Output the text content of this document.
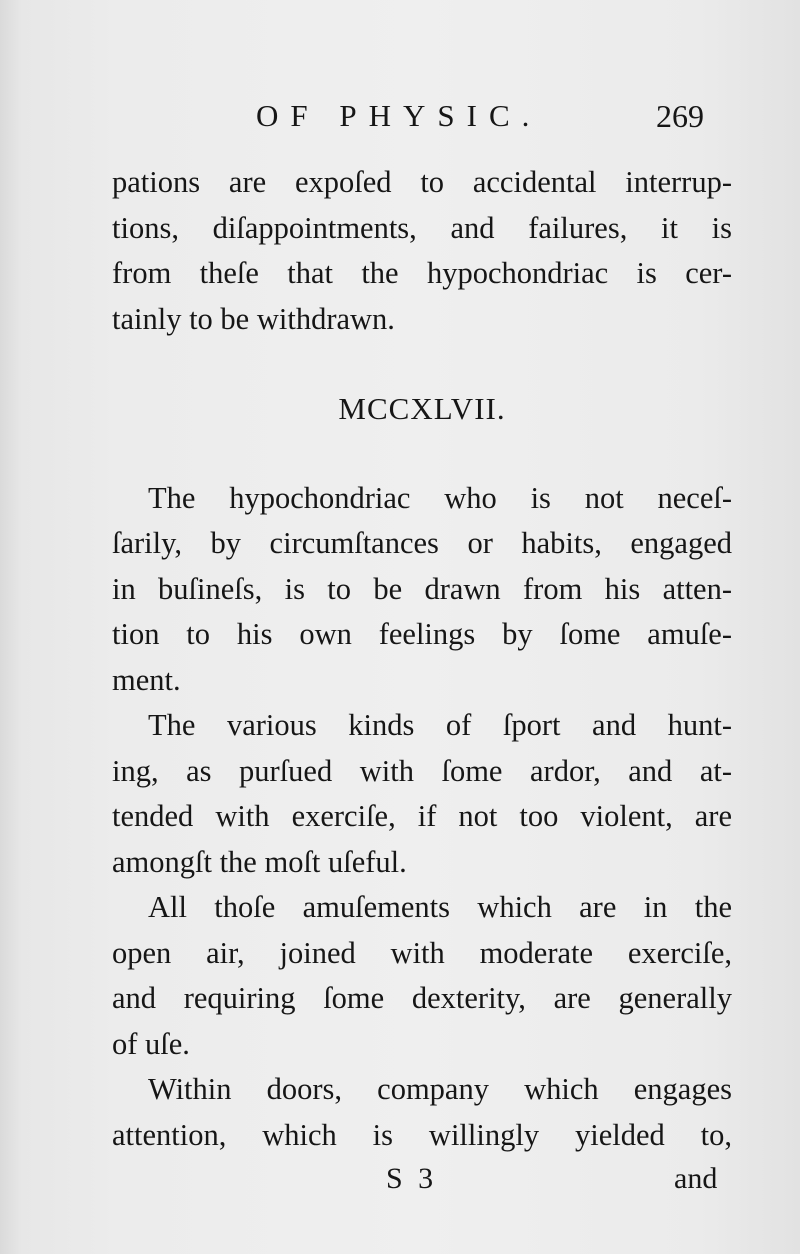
OF PHYSIC.	269
pations are expoſed to accidental interrup-
tions, diſappointments, and failures, it is
from theſe that the hypochondriac is cer-
tainly to be withdrawn.
MCCXLVII.
The hypochondriac who is not neceſ-
ſarily, by circumſtances or habits, engaged
in buſineſs, is to be drawn from his atten-
tion to his own feelings by ſome amuſe-
ment.
The various kinds of ſport and hunt-
ing, as purſued with ſome ardor, and at-
tended with exerciſe, if not too violent, are
amongſt the moſt uſeful.
All thoſe amuſements which are in the
open air, joined with moderate exerciſe,
and requiring ſome dexterity, are generally
of uſe.
Within doors, company which engages
attention, which is willingly yielded to,
S 3	and
